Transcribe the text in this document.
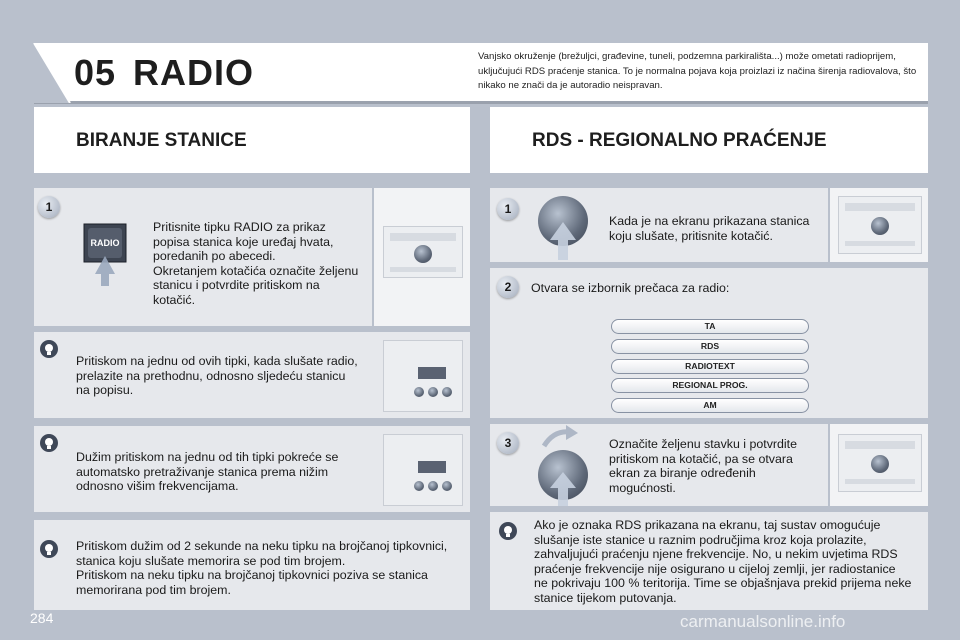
05 RADIO	Vanjsko okruženje (brežuljci, građevine, tuneli, podzemna parkirališta...) može ometati radioprijem, uključujući RDS praćenje stanica. To je normalna pojava koja proizlazi iz načina širenja radiovalova, što nikako ne znači da je autoradio neispravan.
BIRANJE STANICE	RDS - REGIONALNO PRAĆENJE
1
RADIO
Pritisnite tipku RADIO za prikaz
popisa stanica koje uređaj hvata,
poredanih po abecedi.
Okretanjem kotačića označite željenu
stanicu i potvrdite pritiskom na
kotačić.
Pritiskom na jednu od ovih tipki, kada slušate radio,
prelazite na prethodnu, odnosno sljedeću stanicu
na popisu.
Dužim pritiskom na jednu od tih tipki pokreće se
automatsko pretraživanje stanica prema nižim
odnosno višim frekvencijama.
Pritiskom dužim od 2 sekunde na neku tipku na brojčanoj tipkovnici,
stanica koju slušate memorira se pod tim brojem.
Pritiskom na neku tipku na brojčanoj tipkovnici poziva se stanica
memorirana pod tim brojem.
1
Kada je na ekranu prikazana stanica
koju slušate, pritisnite kotačić.
2	Otvara se izbornik prečaca za radio:
TA
RDS
RADIOTEXT
REGIONAL PROG.
AM
3	Označite željenu stavku i potvrdite
pritiskom na kotačić, pa se otvara
ekran za biranje određenih
mogućnosti.
Ako je oznaka RDS prikazana na ekranu, taj sustav omogućuje
slušanje iste stanice u raznim područjima kroz koja prolazite,
zahvaljujući praćenju njene frekvencije. No, u nekim uvjetima RDS
praćenje frekvencije nije osigurano u cijeloj zemlji, jer radiostanice
ne pokrivaju 100 % teritorija. Time se objašnjava prekid prijema neke
stanice tijekom putovanja.
284	carmanualsonline.info
